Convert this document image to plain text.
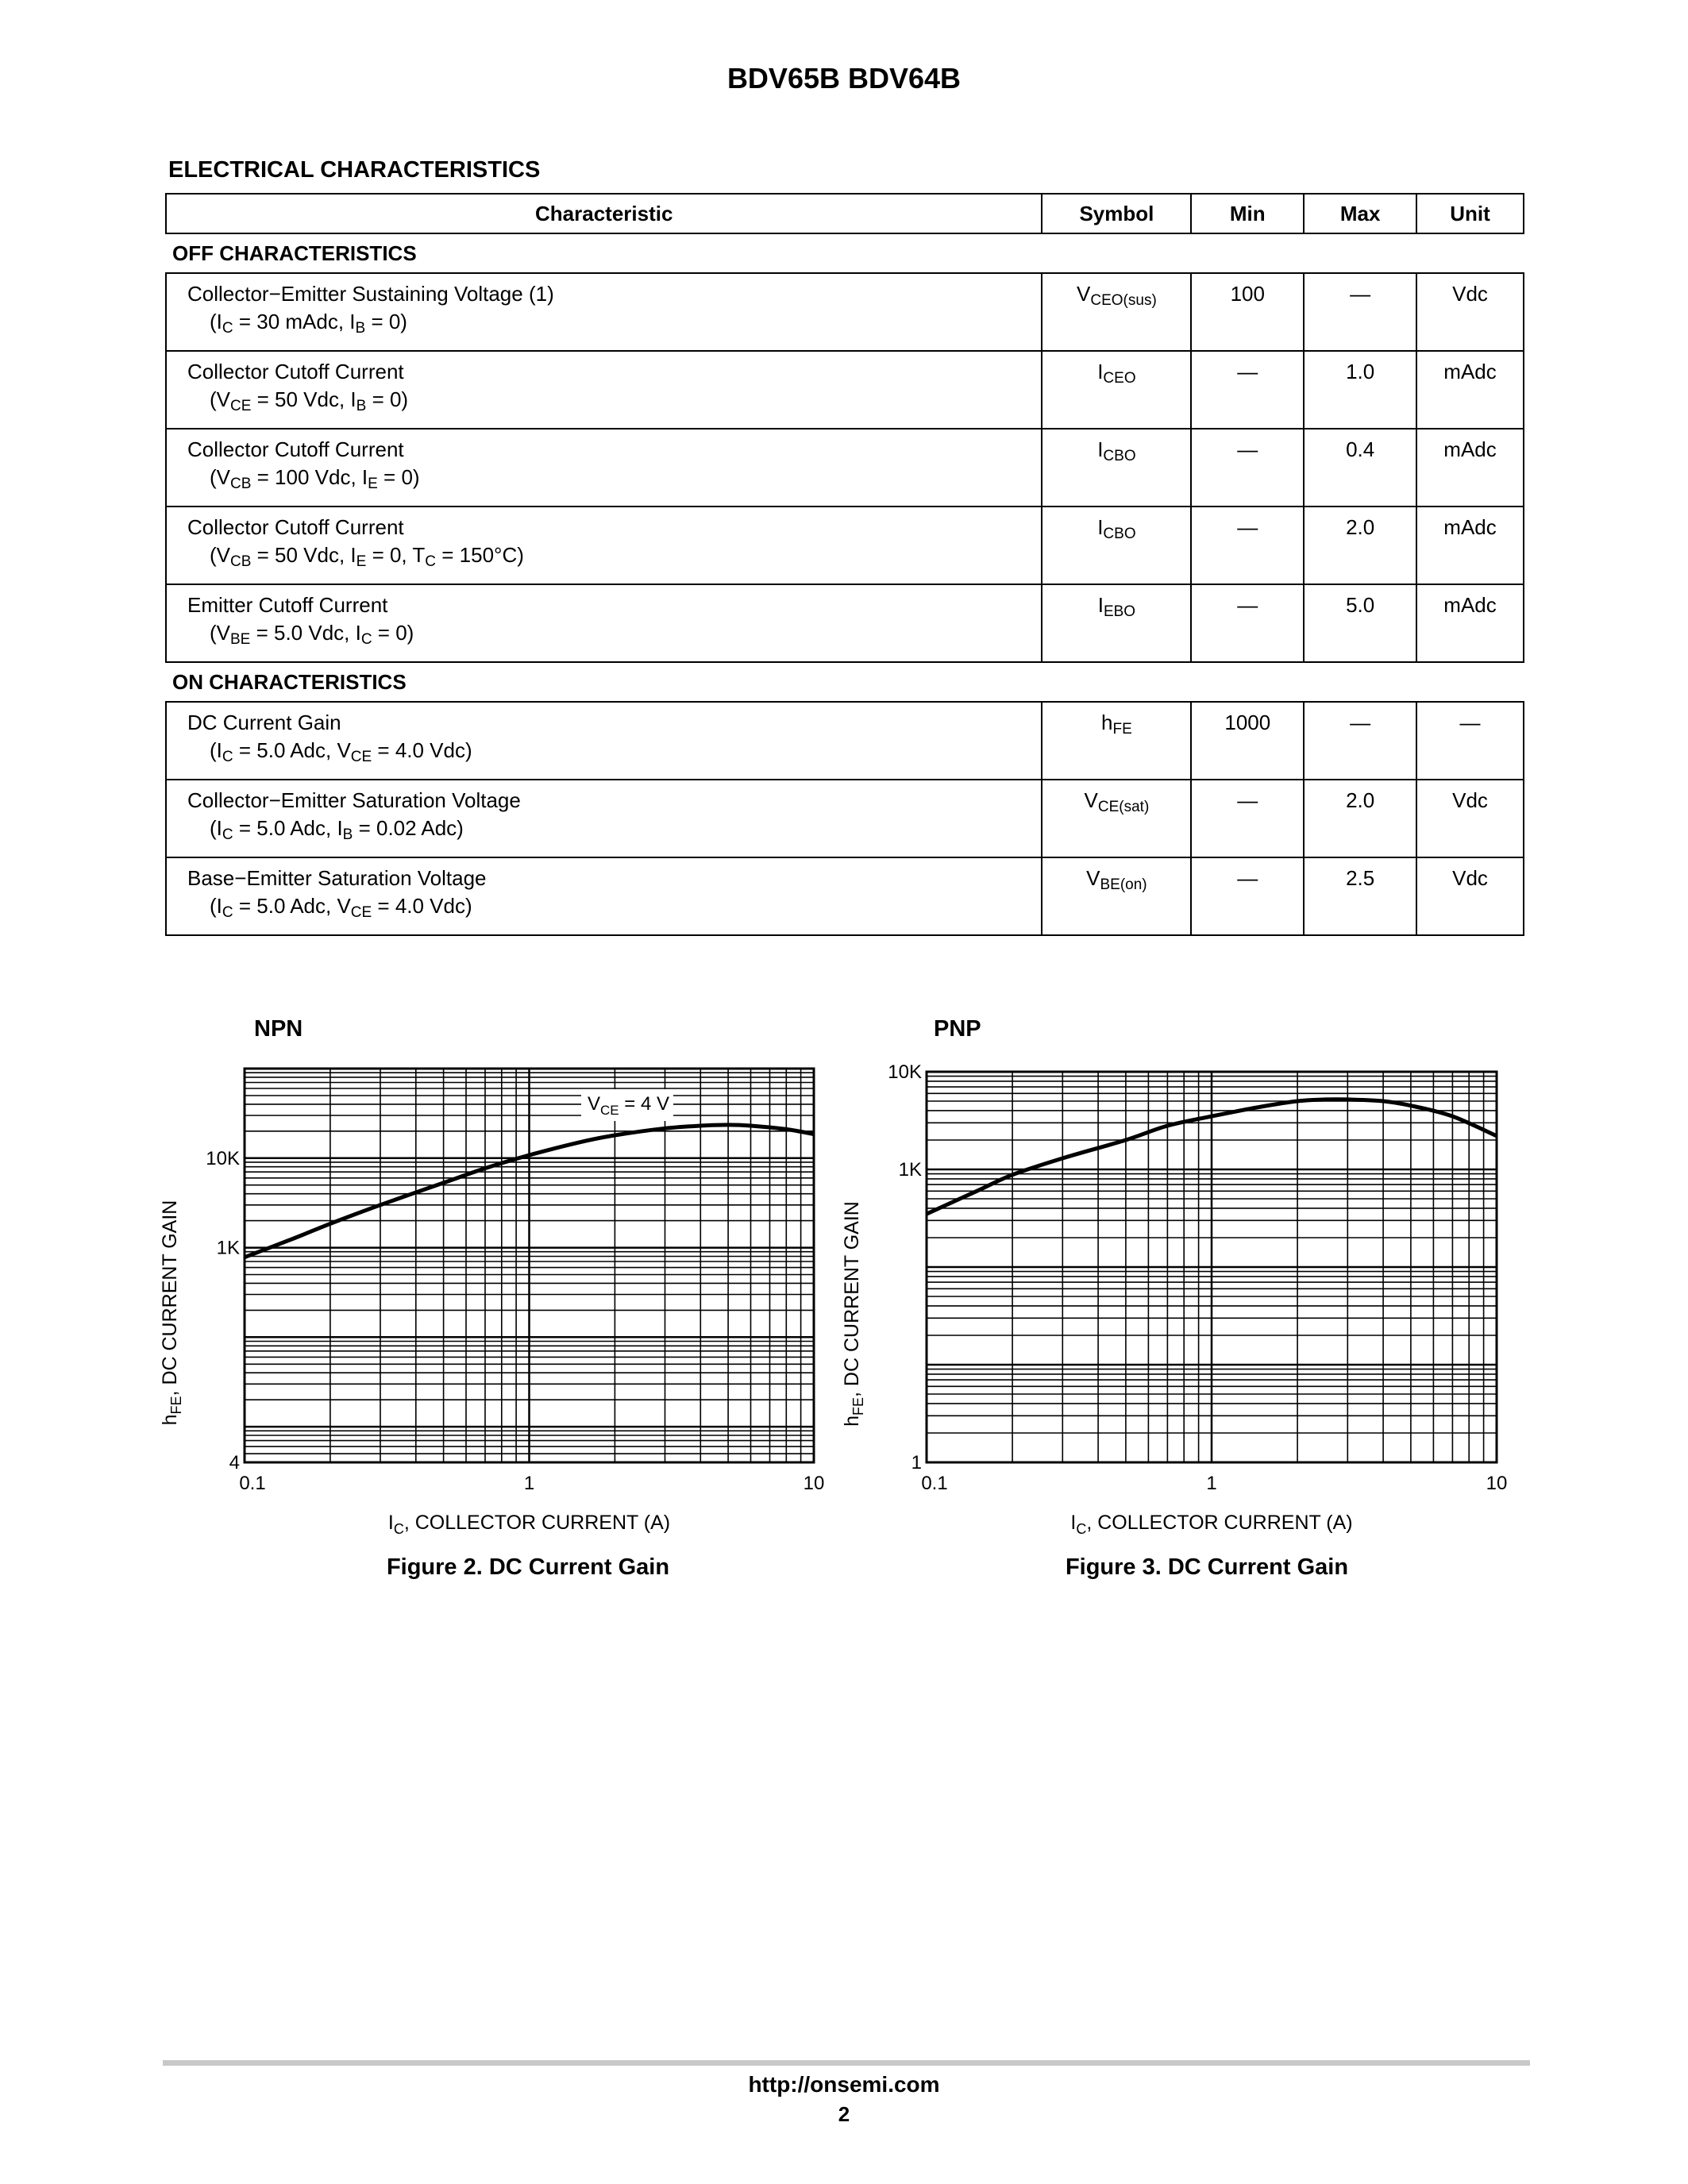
BDV65B BDV64B
ELECTRICAL CHARACTERISTICS
Characteristic	Symbol	Min	Max	Unit
OFF CHARACTERISTICS				
Collector−Emitter Sustaining Voltage (1)
($I_C = 30$ mAdc, $I_B = 0$)	$V_{CEO(sus)}$	100	—	Vdc
Collector Cutoff Current
($V_{CE} = 50$ Vdc, $I_B = 0$)	$I_{CEO}$	—	1.0	mAdc
Collector Cutoff Current
($V_{CB} = 100$ Vdc, $I_E = 0$)	$I_{CBO}$	—	0.4	mAdc
Collector Cutoff Current
($V_{CB} = 50$ Vdc, $I_E = 0$, $T_C = 150^\circ C$)	$I_{CBO}$	—	2.0	mAdc
Emitter Cutoff Current
($V_{BE} = 5.0$ Vdc, $I_C = 0$)	$I_{EBO}$	—	5.0	mAdc
ON CHARACTERISTICS				
DC Current Gain
($I_C = 5.0$ Adc, $V_{CE} = 4.0$ Vdc)	$h_{FE}$	1000	—	—
Collector−Emitter Saturation Voltage
($I_C = 5.0$ Adc, $I_B = 0.02$ Adc)	$V_{CE(sat)}$	—	2.0	Vdc
Base−Emitter Saturation Voltage
($I_C = 5.0$ Adc, $V_{CE} = 4.0$ Vdc)	$V_{BE(on)}$	—	2.5	Vdc
NPN
0.1	1	10
4
1K
10K
$V_{CE} = 4$ V
$I_C$, COLLECTOR CURRENT (A)
$h_{FE}$, DC CURRENT GAIN
Figure 2. DC Current Gain
PNP
0.1	1	10
1
1K
10K
$I_C$, COLLECTOR CURRENT (A)
$h_{FE}$, DC CURRENT GAIN
Figure 3. DC Current Gain
http://onsemi.com
2
